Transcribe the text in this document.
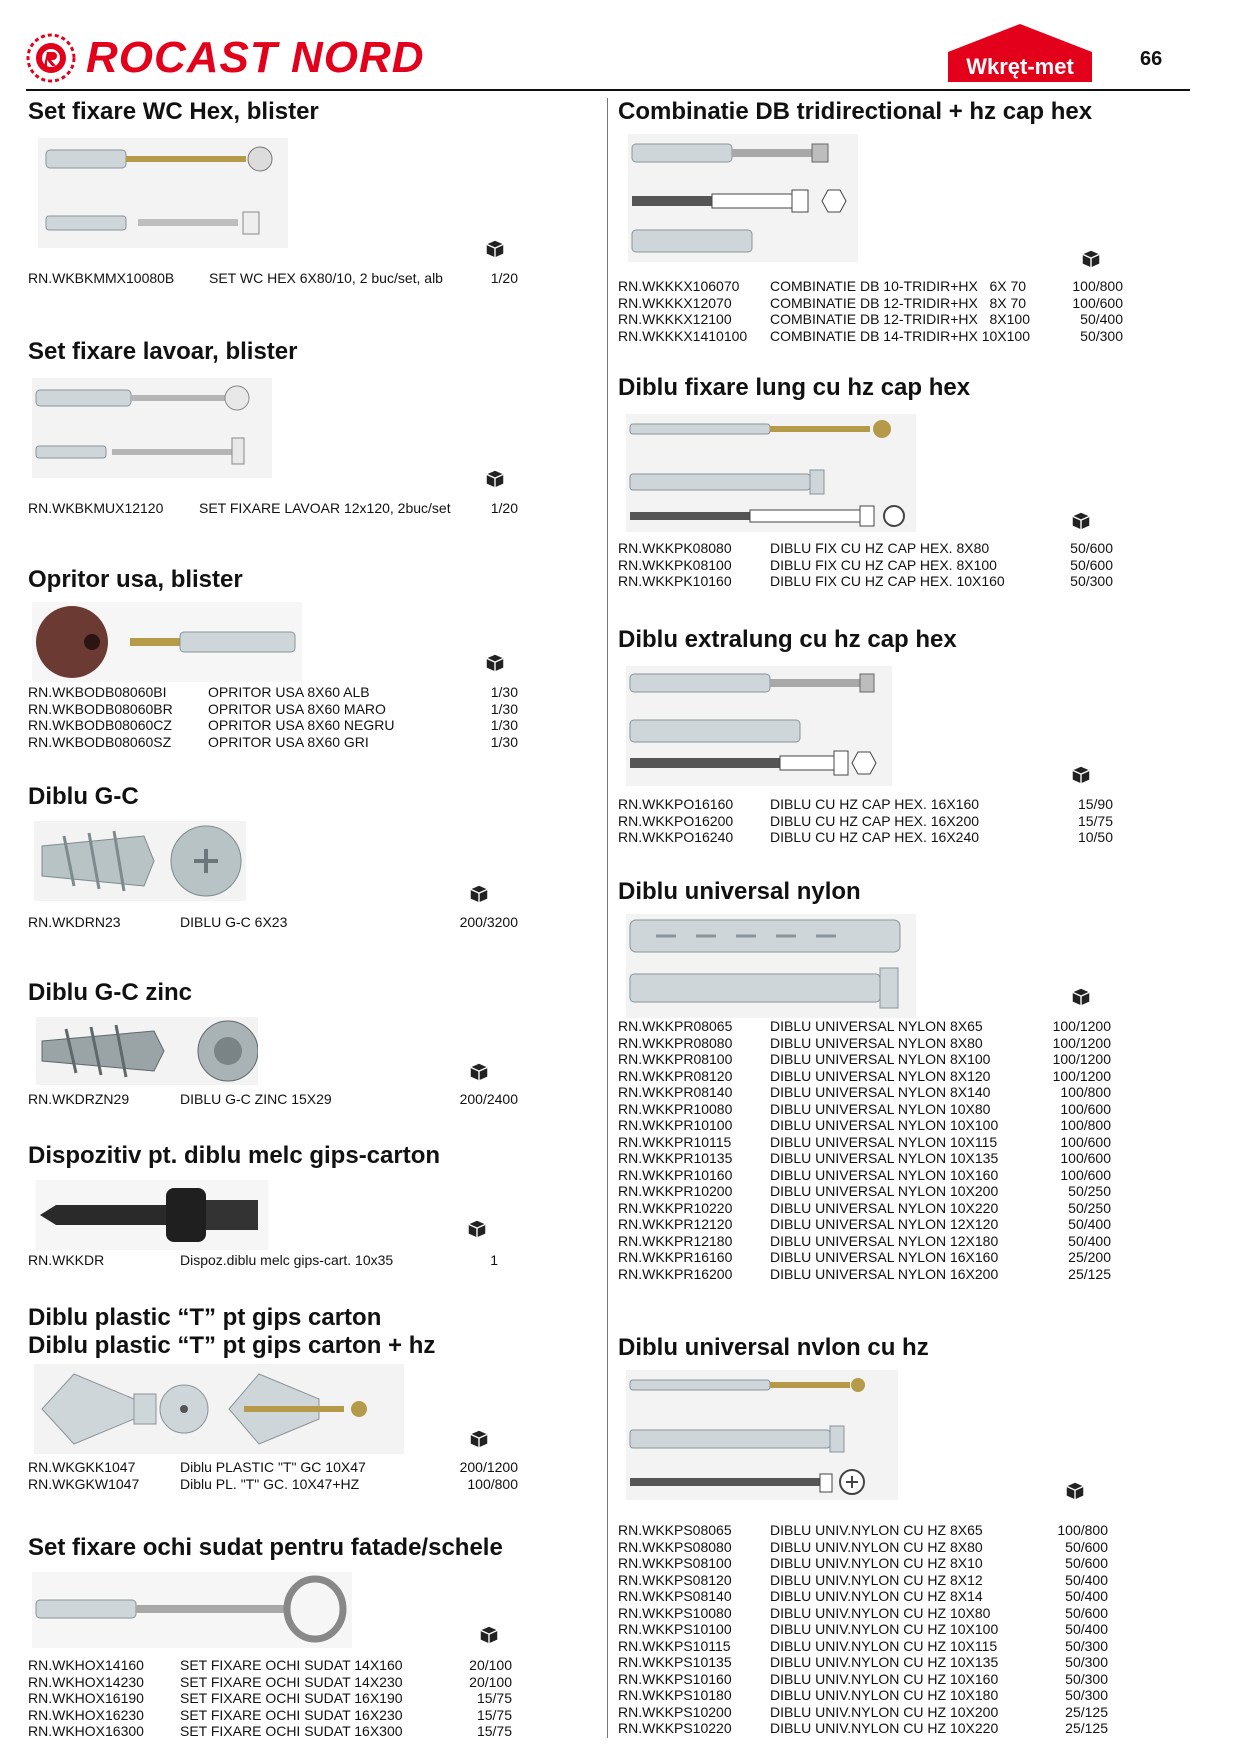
ROCAST NORD	Wkręt-met	66
Set fixare WC Hex, blister
RN.WKBKMMX10080B SET WC HEX 6X80/10, 2 buc/set, alb	1/20
Set fixare lavoar, blister
RN.WKBKMUX12120	SET FIXARE LAVOAR 12x120, 2buc/set	1/20
Opritor usa, blister
RN.WKBODB08060BI	OPRITOR USA 8X60 ALB	1/30
RN.WKBODB08060BR	OPRITOR USA 8X60 MARO	1/30
RN.WKBODB08060CZ	OPRITOR USA 8X60 NEGRU	1/30
RN.WKBODB08060SZ	OPRITOR USA 8X60 GRI	1/30
Diblu G-C
RN.WKDRN23	DIBLU G-C 6X23	200/3200
Diblu G-C zinc
RN.WKDRZN29	DIBLU G-C ZINC 15X29	200/2400
Dispozitiv pt. diblu melc gips-carton
RN.WKKDR	Dispoz.diblu melc gips-cart. 10x35	1
Diblu plastic “T” pt gips carton
Diblu plastic “T” pt gips carton + hz
RN.WKGKK1047	Diblu PLASTIC "T" GC 10X47	200/1200
RN.WKGKW1047	Diblu PL. "T" GC. 10X47+HZ	100/800
Set fixare ochi sudat pentru fatade/schele
RN.WKHOX14160	SET FIXARE OCHI SUDAT 14X160	20/100
RN.WKHOX14230	SET FIXARE OCHI SUDAT 14X230	20/100
RN.WKHOX16190	SET FIXARE OCHI SUDAT 16X190	15/75
RN.WKHOX16230	SET FIXARE OCHI SUDAT 16X230	15/75
RN.WKHOX16300	SET FIXARE OCHI SUDAT 16X300	15/75
Combinatie DB tridirectional + hz cap hex
RN.WKKKX106070 COMBINATIE DB 10-TRIDIR+HX   6X 70	100/800
RN.WKKKX12070	COMBINATIE DB 12-TRIDIR+HX   8X 70	100/600
RN.WKKKX12100	COMBINATIE DB 12-TRIDIR+HX   8X100	50/400
RN.WKKKX1410100 COMBINATIE DB 14-TRIDIR+HX 10X100	50/300
Diblu fixare lung cu hz cap hex
RN.WKKPK08080	DIBLU FIX CU HZ CAP HEX. 8X80	50/600
RN.WKKPK08100	DIBLU FIX CU HZ CAP HEX. 8X100	50/600
RN.WKKPK10160	DIBLU FIX CU HZ CAP HEX. 10X160	50/300
Diblu extralung cu hz cap hex
RN.WKKPO16160	DIBLU CU HZ CAP HEX. 16X160	15/90
RN.WKKPO16200	DIBLU CU HZ CAP HEX. 16X200	15/75
RN.WKKPO16240	DIBLU CU HZ CAP HEX. 16X240	10/50
Diblu universal nylon
RN.WKKPR08065	DIBLU UNIVERSAL NYLON 8X65	100/1200
RN.WKKPR08080	DIBLU UNIVERSAL NYLON 8X80	100/1200
RN.WKKPR08100	DIBLU UNIVERSAL NYLON 8X100	100/1200
RN.WKKPR08120	DIBLU UNIVERSAL NYLON 8X120	100/1200
RN.WKKPR08140	DIBLU UNIVERSAL NYLON 8X140	100/800
RN.WKKPR10080	DIBLU UNIVERSAL NYLON 10X80	100/600
RN.WKKPR10100	DIBLU UNIVERSAL NYLON 10X100	100/800
RN.WKKPR10115	DIBLU UNIVERSAL NYLON 10X115	100/600
RN.WKKPR10135	DIBLU UNIVERSAL NYLON 10X135	100/600
RN.WKKPR10160	DIBLU UNIVERSAL NYLON 10X160	100/600
RN.WKKPR10200	DIBLU UNIVERSAL NYLON 10X200	50/250
RN.WKKPR10220	DIBLU UNIVERSAL NYLON 10X220	50/250
RN.WKKPR12120	DIBLU UNIVERSAL NYLON 12X120	50/400
RN.WKKPR12180	DIBLU UNIVERSAL NYLON 12X180	50/400
RN.WKKPR16160	DIBLU UNIVERSAL NYLON 16X160	25/200
RN.WKKPR16200	DIBLU UNIVERSAL NYLON 16X200	25/125
Diblu universal nvlon cu hz
RN.WKKPS08065	DIBLU UNIV.NYLON CU HZ 8X65	100/800
RN.WKKPS08080	DIBLU UNIV.NYLON CU HZ 8X80	50/600
RN.WKKPS08100	DIBLU UNIV.NYLON CU HZ 8X10	50/600
RN.WKKPS08120	DIBLU UNIV.NYLON CU HZ 8X12	50/400
RN.WKKPS08140	DIBLU UNIV.NYLON CU HZ 8X14	50/400
RN.WKKPS10080	DIBLU UNIV.NYLON CU HZ 10X80	50/600
RN.WKKPS10100	DIBLU UNIV.NYLON CU HZ 10X100	50/400
RN.WKKPS10115	DIBLU UNIV.NYLON CU HZ 10X115	50/300
RN.WKKPS10135	DIBLU UNIV.NYLON CU HZ 10X135	50/300
RN.WKKPS10160	DIBLU UNIV.NYLON CU HZ 10X160	50/300
RN.WKKPS10180	DIBLU UNIV.NYLON CU HZ 10X180	50/300
RN.WKKPS10200	DIBLU UNIV.NYLON CU HZ 10X200	25/125
RN.WKKPS10220	DIBLU UNIV.NYLON CU HZ 10X220	25/125
